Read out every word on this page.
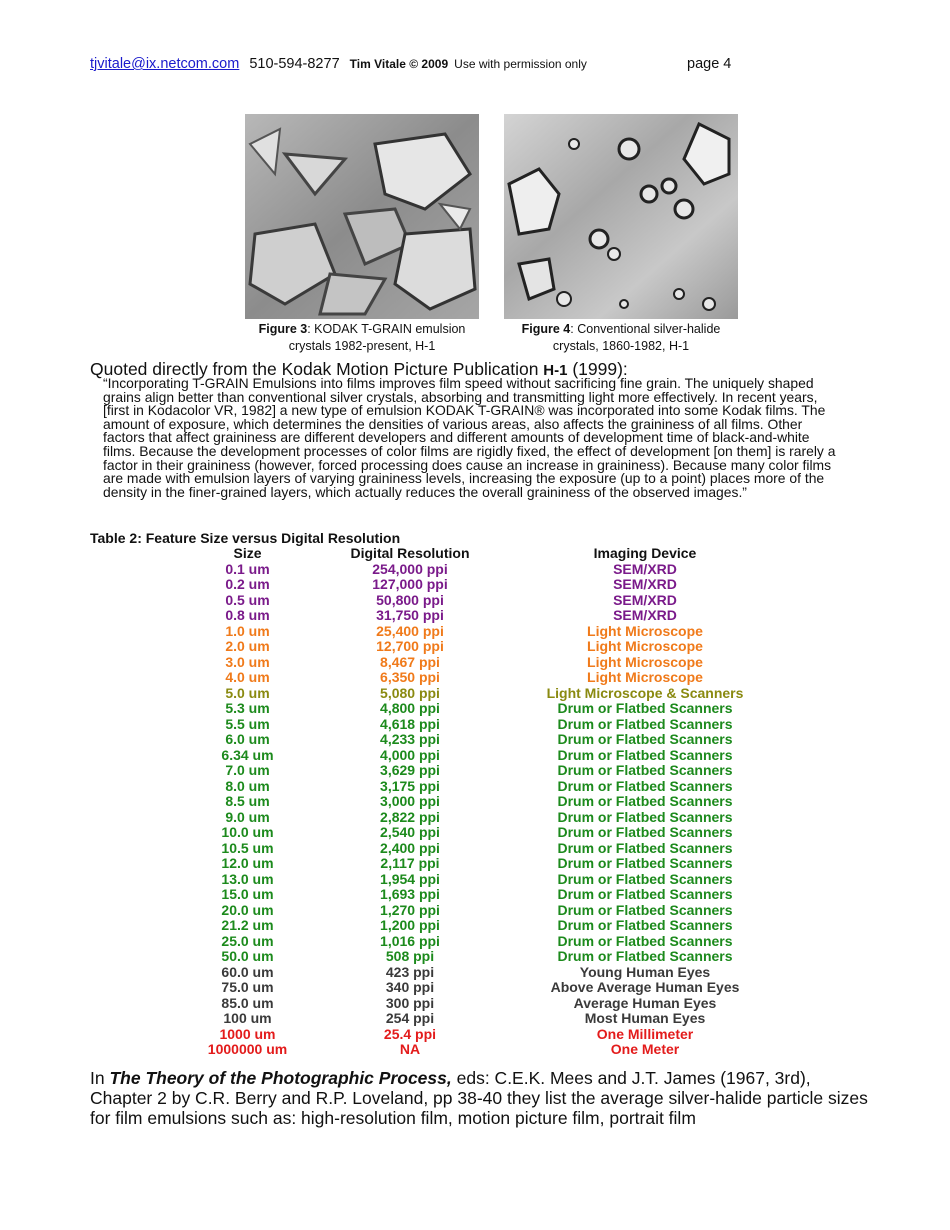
tjvitale@ix.netcom.com 510-594-8277 Tim Vitale © 2009 Use with permission only	page 4
Figure 3: KODAK T-GRAIN emulsion
crystals 1982-present, H-1
Figure 4: Conventional silver-halide
crystals, 1860-1982, H-1
Quoted directly from the Kodak Motion Picture Publication H-1 (1999):

“Incorporating T-GRAIN Emulsions into films improves film speed without sacrificing fine grain. The uniquely shaped grains align better than conventional silver crystals, absorbing and transmitting light more effectively. In recent years, [first in Kodacolor VR, 1982] a new type of emulsion KODAK T-GRAIN® was incorporated into some Kodak films. The amount of exposure, which determines the densities of various areas, also affects the graininess of all films. Other factors that affect graininess are different developers and different amounts of development time of black-and-white films. Because the development processes of color films are rigidly fixed, the effect of development [on them] is rarely a factor in their graininess (however, forced processing does cause an increase in graininess). Because many color films are made with emulsion layers of varying graininess levels, increasing the exposure (up to a point) places more of the density in the finer-grained layers, which actually reduces the overall graininess of the observed images.”

Table 2: Feature Size versus Digital Resolution
Size	Digital Resolution	Imaging Device
0.1 um	254,000 ppi	SEM/XRD
0.2 um	127,000 ppi	SEM/XRD
0.5 um	50,800 ppi	SEM/XRD
0.8 um	31,750 ppi	SEM/XRD
1.0 um	25,400 ppi	Light Microscope
2.0 um	12,700 ppi	Light Microscope
3.0 um	8,467 ppi	Light Microscope
4.0 um	6,350 ppi	Light Microscope
5.0 um	5,080 ppi	Light Microscope & Scanners
5.3 um	4,800 ppi	Drum or Flatbed Scanners
5.5 um	4,618 ppi	Drum or Flatbed Scanners
6.0 um	4,233 ppi	Drum or Flatbed Scanners
6.34 um	4,000 ppi	Drum or Flatbed Scanners
7.0 um	3,629 ppi	Drum or Flatbed Scanners
8.0 um	3,175 ppi	Drum or Flatbed Scanners
8.5 um	3,000 ppi	Drum or Flatbed Scanners
9.0 um	2,822 ppi	Drum or Flatbed Scanners
10.0 um	2,540 ppi	Drum or Flatbed Scanners
10.5 um	2,400 ppi	Drum or Flatbed Scanners
12.0 um	2,117 ppi	Drum or Flatbed Scanners
13.0 um	1,954 ppi	Drum or Flatbed Scanners
15.0 um	1,693 ppi	Drum or Flatbed Scanners
20.0 um	1,270 ppi	Drum or Flatbed Scanners
21.2 um	1,200 ppi	Drum or Flatbed Scanners
25.0 um	1,016 ppi	Drum or Flatbed Scanners
50.0 um	508 ppi	Drum or Flatbed Scanners
60.0 um	423 ppi	Young Human Eyes
75.0 um	340 ppi	Above Average Human Eyes
85.0 um	300 ppi	Average Human Eyes
100 um	254 ppi	Most Human Eyes
1000 um	25.4 ppi	One Millimeter
1000000 um	NA	One Meter

In The Theory of the Photographic Process, eds: C.E.K. Mees and J.T. James (1967, 3rd), Chapter 2 by C.R. Berry and R.P. Loveland, pp 38-40 they list the average silver-halide particle sizes for film emulsions such as: high-resolution film, motion picture film, portrait film
